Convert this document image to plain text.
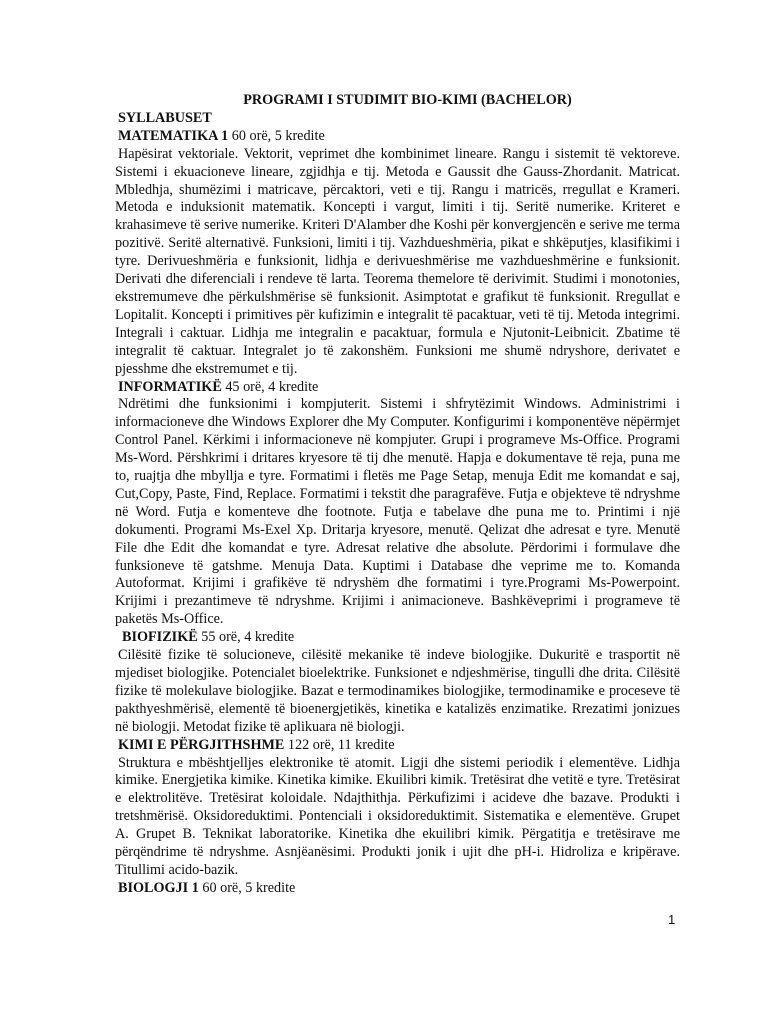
PROGRAMI I STUDIMIT BIO-KIMI (BACHELOR)

SYLLABUSET

MATEMATIKA 1 60 orë, 5 kredite

Hapësirat vektoriale. Vektorit, veprimet dhe kombinimet lineare. Rangu i sistemit të vektoreve. Sistemi i ekuacioneve lineare, zgjidhja e tij. Metoda e Gaussit dhe Gauss-Zhordanit. Matricat. Mbledhja, shumëzimi i matricave, përcaktori, veti e tij. Rangu i matricës, rregullat e Krameri. Metoda e induksionit matematik. Koncepti i vargut, limiti i tij. Seritë numerike. Kriteret e krahasimeve të serive numerike. Kriteri D'Alamber dhe Koshi për konvergjencën e serive me terma pozitivë. Seritë alternativë. Funksioni, limiti i tij. Vazhdueshmëria, pikat e shkëputjes, klasifikimi i tyre. Derivueshmëria e funksionit, lidhja e derivueshmërise me vazhdueshmërine e funksionit. Derivati dhe diferenciali i rendeve të larta. Teorema themelore të derivimit. Studimi i monotonies, ekstremumeve dhe përkulshmërise së funksionit. Asimptotat e grafikut të funksionit. Rregullat e Lopitalit. Koncepti i primitives për kufizimin e integralit të pacaktuar, veti të tij. Metoda integrimi. Integrali i caktuar. Lidhja me integralin e pacaktuar, formula e Njutonit-Leibnicit. Zbatime të integralit të caktuar. Integralet jo të zakonshëm. Funksioni me shumë ndryshore, derivatet e pjesshme dhe ekstremumet e tij.

INFORMATIKË 45 orë, 4 kredite

Ndrëtimi dhe funksionimi i kompjuterit. Sistemi i shfrytëzimit Windows. Administrimi i informacioneve dhe Windows Explorer dhe My Computer. Konfigurimi i komponentëve nëpërmjet Control Panel. Kërkimi i informacioneve në kompjuter. Grupi i programeve Ms-Office. Programi Ms-Word. Përshkrimi i dritares kryesore të tij dhe menutë. Hapja e dokumentave të reja, puna me to, ruajtja dhe mbyllja e tyre. Formatimi i fletës me Page Setap, menuja Edit me komandat e saj, Cut,Copy, Paste, Find, Replace. Formatimi i tekstit dhe paragrafëve. Futja e objekteve të ndryshme në Word. Futja e komenteve dhe footnote. Futja e tabelave dhe puna me to. Printimi i një dokumenti. Programi Ms-Exel Xp. Dritarja kryesore, menutë. Qelizat dhe adresat e tyre. Menutë File dhe Edit dhe komandat e tyre. Adresat relative dhe absolute. Përdorimi i formulave dhe funksioneve të gatshme. Menuja Data. Kuptimi i Database dhe veprime me to. Komanda Autoformat. Krijimi i grafikëve të ndryshëm dhe formatimi i tyre.Programi Ms-Powerpoint. Krijimi i prezantimeve të ndryshme. Krijimi i animacioneve. Bashkëveprimi i programeve të paketës Ms-Office.

BIOFIZIKË 55 orë, 4 kredite

Cilësitë fizike të solucioneve, cilësitë mekanike të indeve biologjike. Dukuritë e trasportit në mjediset biologjike. Potencialet bioelektrike. Funksionet e ndjeshmërise, tingulli dhe drita. Cilësitë fizike të molekulave biologjike. Bazat e termodinamikes biologjike, termodinamike e proceseve të pakthyeshmërisë, elementë të bioenergjetikës, kinetika e katalizës enzimatike. Rrezatimi jonizues në biologji. Metodat fizike të aplikuara në biologji.

KIMI E PËRGJITHSHME 122 orë, 11 kredite

Struktura e mbështjelljes elektronike të atomit. Ligji dhe sistemi periodik i elementëve. Lidhja kimike. Energjetika kimike. Kinetika kimike. Ekuilibri kimik. Tretësirat dhe vetitë e tyre. Tretësirat e elektrolitëve. Tretësirat koloidale. Ndajthithja. Përkufizimi i acideve dhe bazave. Produkti i tretshmërisë. Oksidoreduktimi. Pontenciali i oksidoreduktimit. Sistematika e elementëve. Grupet A. Grupet B. Teknikat laboratorike. Kinetika dhe ekuilibri kimik. Përgatitja e tretësirave me përqëndrime të ndryshme. Asnjëanësimi. Produkti jonik i ujit dhe pH-i. Hidroliza e kripërave. Titullimi acido-bazik.

BIOLOGJI 1 60 orë, 5 kredite

1
